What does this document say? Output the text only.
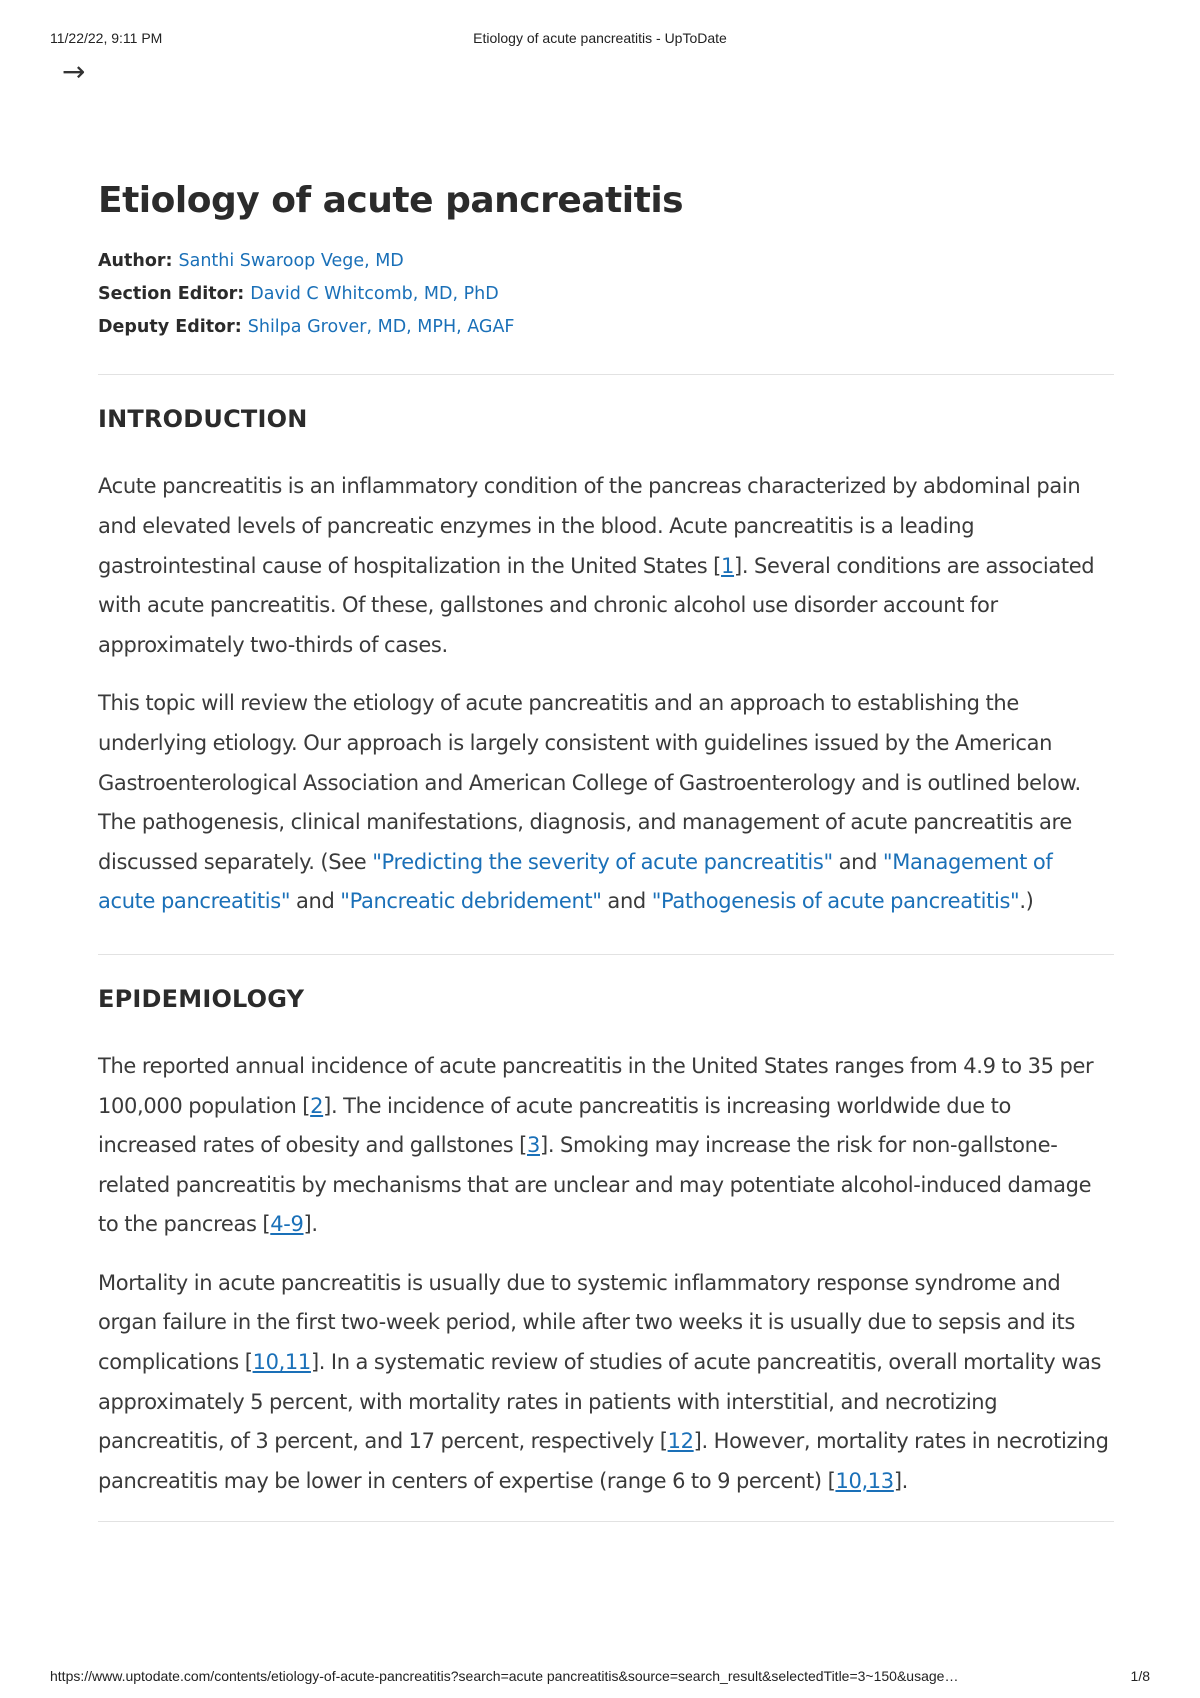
11/22/22, 9:11 PM	Etiology of acute pancreatitis - UpToDate
→
Etiology of acute pancreatitis
Author: Santhi Swaroop Vege, MD
Section Editor: David C Whitcomb, MD, PhD
Deputy Editor: Shilpa Grover, MD, MPH, AGAF
INTRODUCTION

Acute pancreatitis is an inflammatory condition of the pancreas characterized by abdominal pain and elevated levels of pancreatic enzymes in the blood. Acute pancreatitis is a leading gastrointestinal cause of hospitalization in the United States [1]. Several conditions are associated with acute pancreatitis. Of these, gallstones and chronic alcohol use disorder account for approximately two-thirds of cases.

This topic will review the etiology of acute pancreatitis and an approach to establishing the underlying etiology. Our approach is largely consistent with guidelines issued by the American Gastroenterological Association and American College of Gastroenterology and is outlined below. The pathogenesis, clinical manifestations, diagnosis, and management of acute pancreatitis are discussed separately. (See "Predicting the severity of acute pancreatitis" and "Management of acute pancreatitis" and "Pancreatic debridement" and "Pathogenesis of acute pancreatitis".)

EPIDEMIOLOGY

The reported annual incidence of acute pancreatitis in the United States ranges from 4.9 to 35 per 100,000 population [2]. The incidence of acute pancreatitis is increasing worldwide due to increased rates of obesity and gallstones [3]. Smoking may increase the risk for non-gallstone-related pancreatitis by mechanisms that are unclear and may potentiate alcohol-induced damage to the pancreas [4-9].

Mortality in acute pancreatitis is usually due to systemic inflammatory response syndrome and organ failure in the first two-week period, while after two weeks it is usually due to sepsis and its complications [10,11]. In a systematic review of studies of acute pancreatitis, overall mortality was approximately 5 percent, with mortality rates in patients with interstitial, and necrotizing pancreatitis, of 3 percent, and 17 percent, respectively [12]. However, mortality rates in necrotizing pancreatitis may be lower in centers of expertise (range 6 to 9 percent) [10,13].

https://www.uptodate.com/contents/etiology-of-acute-pancreatitis?search=acute pancreatitis&source=search_result&selectedTitle=3~150&usage…	1/8
